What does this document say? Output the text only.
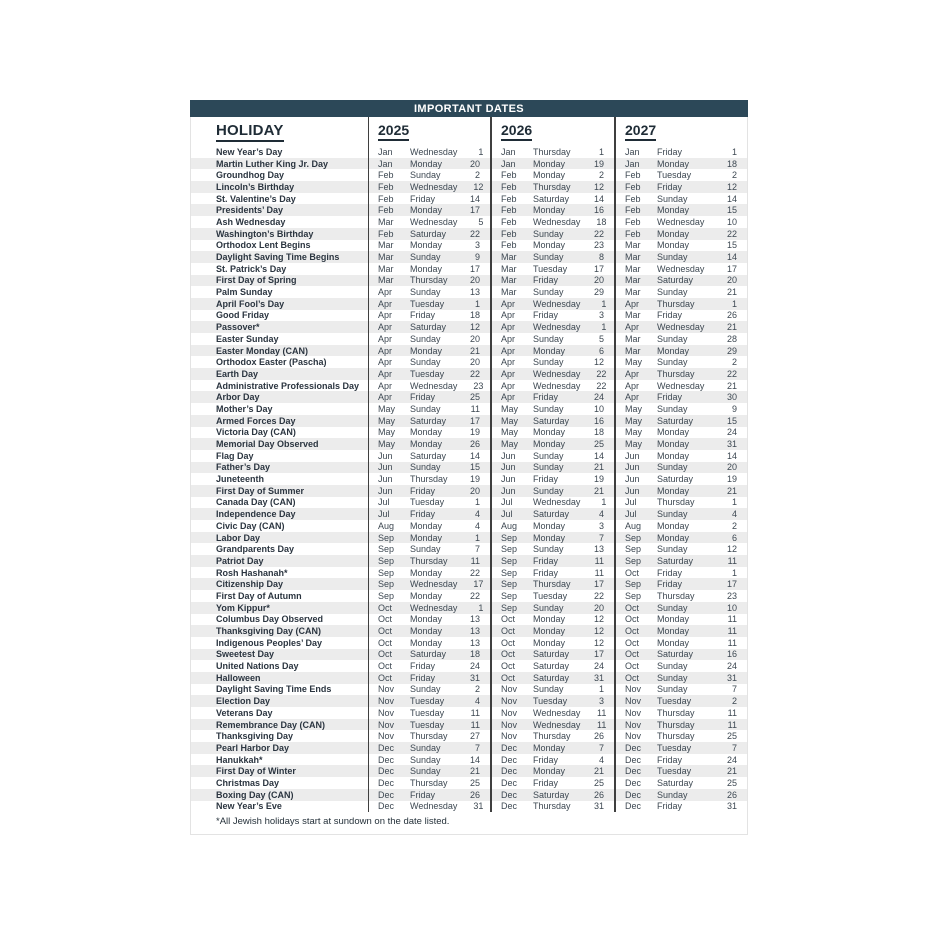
IMPORTANT DATES
HOLIDAY	2025	2026	2027
New Year’s Day	Jan	Wednesday	1 Jan	Thursday	1 Jan	Friday	1
Martin Luther King Jr. Day	Jan	Monday	20 Jan	Monday	19 Jan	Monday	18
Groundhog Day	Feb	Sunday	2 Feb	Monday	2 Feb	Tuesday	2
Lincoln’s Birthday	Feb	Wednesday	12 Feb	Thursday	12 Feb	Friday	12
St. Valentine’s Day	Feb	Friday	14 Feb	Saturday	14 Feb	Sunday	14
Presidents’ Day	Feb	Monday	17 Feb	Monday	16 Feb	Monday	15
Ash Wednesday	Mar	Wednesday	5 Feb	Wednesday	18 Feb	Wednesday	10
Washington’s Birthday	Feb	Saturday	22 Feb	Sunday	22 Feb	Monday	22
Orthodox Lent Begins	Mar	Monday	3 Feb	Monday	23 Mar	Monday	15
Daylight Saving Time Begins	Mar	Sunday	9 Mar	Sunday	8 Mar	Sunday	14
St. Patrick’s Day	Mar	Monday	17 Mar	Tuesday	17 Mar	Wednesday	17
First Day of Spring	Mar	Thursday	20 Mar	Friday	20 Mar	Saturday	20
Palm Sunday	Apr	Sunday	13 Mar	Sunday	29 Mar	Sunday	21
April Fool’s Day	Apr	Tuesday	1 Apr	Wednesday	1 Apr	Thursday	1
Good Friday	Apr	Friday	18 Apr	Friday	3 Mar	Friday	26
Passover*	Apr	Saturday	12 Apr	Wednesday	1 Apr	Wednesday	21
Easter Sunday	Apr	Sunday	20 Apr	Sunday	5 Mar	Sunday	28
Easter Monday (CAN)	Apr	Monday	21 Apr	Monday	6 Mar	Monday	29
Orthodox Easter (Pascha)	Apr	Sunday	20 Apr	Sunday	12 May	Sunday	2
Earth Day	Apr	Tuesday	22 Apr	Wednesday	22 Apr	Thursday	22
Administrative Professionals Day Apr	Wednesday	23 Apr	Wednesday	22 Apr	Wednesday	21
Arbor Day	Apr	Friday	25 Apr	Friday	24 Apr	Friday	30
Mother’s Day	May	Sunday	11 May	Sunday	10 May	Sunday	9
Armed Forces Day	May	Saturday	17 May	Saturday	16 May	Saturday	15
Victoria Day (CAN)	May	Monday	19 May	Monday	18 May	Monday	24
Memorial Day Observed	May	Monday	26 May	Monday	25 May	Monday	31
Flag Day	Jun	Saturday	14 Jun	Sunday	14 Jun	Monday	14
Father’s Day	Jun	Sunday	15 Jun	Sunday	21 Jun	Sunday	20
Juneteenth	Jun	Thursday	19 Jun	Friday	19 Jun	Saturday	19
First Day of Summer	Jun	Friday	20 Jun	Sunday	21 Jun	Monday	21
Canada Day (CAN)	Jul	Tuesday	1 Jul	Wednesday	1 Jul	Thursday	1
Independence Day	Jul	Friday	4 Jul	Saturday	4 Jul	Sunday	4
Civic Day (CAN)	Aug	Monday	4 Aug	Monday	3 Aug	Monday	2
Labor Day	Sep	Monday	1 Sep	Monday	7 Sep	Monday	6
Grandparents Day	Sep	Sunday	7 Sep	Sunday	13 Sep	Sunday	12
Patriot Day	Sep	Thursday	11 Sep	Friday	11 Sep	Saturday	11
Rosh Hashanah*	Sep	Monday	22 Sep	Friday	11 Oct	Friday	1
Citizenship Day	Sep	Wednesday	17 Sep	Thursday	17 Sep	Friday	17
First Day of Autumn	Sep	Monday	22 Sep	Tuesday	22 Sep	Thursday	23
Yom Kippur*	Oct	Wednesday	1 Sep	Sunday	20 Oct	Sunday	10
Columbus Day Observed	Oct	Monday	13 Oct	Monday	12 Oct	Monday	11
Thanksgiving Day (CAN)	Oct	Monday	13 Oct	Monday	12 Oct	Monday	11
Indigenous Peoples’ Day	Oct	Monday	13 Oct	Monday	12 Oct	Monday	11
Sweetest Day	Oct	Saturday	18 Oct	Saturday	17 Oct	Saturday	16
United Nations Day	Oct	Friday	24 Oct	Saturday	24 Oct	Sunday	24
Halloween	Oct	Friday	31 Oct	Saturday	31 Oct	Sunday	31
Daylight Saving Time Ends	Nov	Sunday	2 Nov	Sunday	1 Nov	Sunday	7
Election Day	Nov	Tuesday	4 Nov	Tuesday	3 Nov	Tuesday	2
Veterans Day	Nov	Tuesday	11 Nov	Wednesday	11 Nov	Thursday	11
Remembrance Day (CAN)	Nov	Tuesday	11 Nov	Wednesday	11 Nov	Thursday	11
Thanksgiving Day	Nov	Thursday	27 Nov	Thursday	26 Nov	Thursday	25
Pearl Harbor Day	Dec	Sunday	7 Dec	Monday	7 Dec	Tuesday	7
Hanukkah*	Dec	Sunday	14 Dec	Friday	4 Dec	Friday	24
First Day of Winter	Dec	Sunday	21 Dec	Monday	21 Dec	Tuesday	21
Christmas Day	Dec	Thursday	25 Dec	Friday	25 Dec	Saturday	25
Boxing Day (CAN)	Dec	Friday	26 Dec	Saturday	26 Dec	Sunday	26
New Year’s Eve	Dec	Wednesday	31 Dec	Thursday	31 Dec	Friday	31
*All Jewish holidays start at sundown on the date listed.
